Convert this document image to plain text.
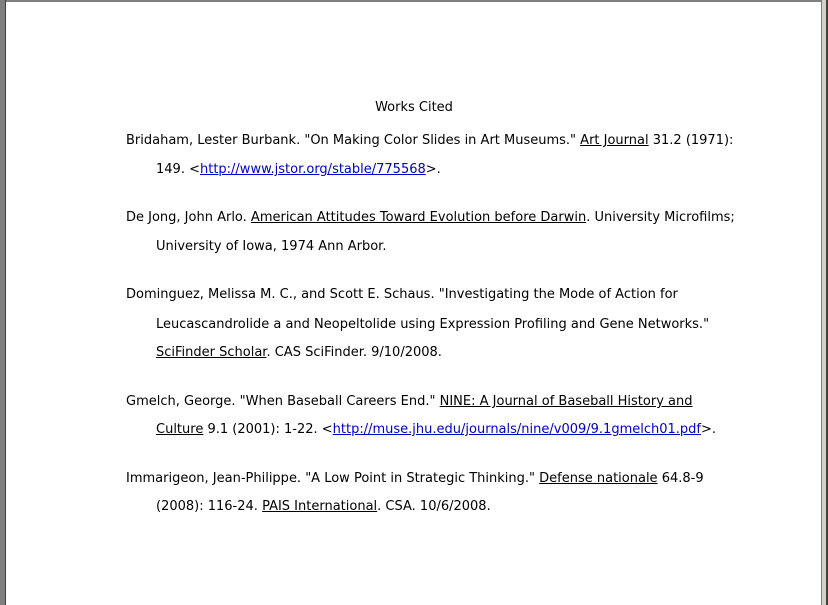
Works Cited
Bridaham, Lester Burbank. "On Making Color Slides in Art Museums." Art Journal 31.2 (1971):
149. <http://www.jstor.org/stable/775568>.
De Jong, John Arlo. American Attitudes Toward Evolution before Darwin. University Microfilms;
University of Iowa, 1974 Ann Arbor.
Dominguez, Melissa M. C., and Scott E. Schaus. "Investigating the Mode of Action for
Leucascandrolide a and Neopeltolide using Expression Profiling and Gene Networks."
SciFinder Scholar. CAS SciFinder. 9/10/2008.
Gmelch, George. "When Baseball Careers End." NINE: A Journal of Baseball History and
Culture 9.1 (2001): 1-22. <http://muse.jhu.edu/journals/nine/v009/9.1gmelch01.pdf>.
Immarigeon, Jean-Philippe. "A Low Point in Strategic Thinking." Defense nationale 64.8-9
(2008): 116-24. PAIS International. CSA. 10/6/2008.
